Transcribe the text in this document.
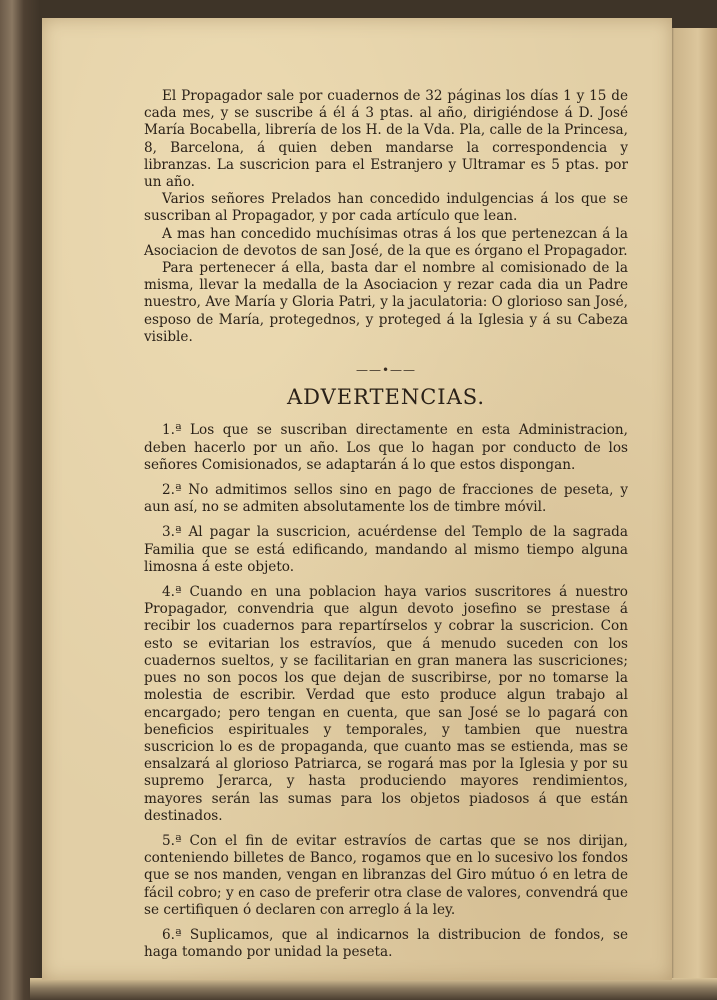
El Propagador sale por cuadernos de 32 páginas los días 1 y 15 de cada mes, y se suscribe á él á 3 ptas. al año, dirigiéndose á D. José María Bocabella, librería de los H. de la Vda. Pla, calle de la Princesa, 8, Barcelona, á quien deben mandarse la correspondencia y libranzas. La suscricion para el Estranjero y Ultramar es 5 ptas. por un año.

Varios señores Prelados han concedido indulgencias á los que se suscriban al Propagador, y por cada artículo que lean.

A mas han concedido muchísimas otras á los que pertenezcan á la Asociacion de devotos de san José, de la que es órgano el Propagador.

Para pertenecer á ella, basta dar el nombre al comisionado de la misma, llevar la medalla de la Asociacion y rezar cada dia un Padre nuestro, Ave María y Gloria Patri, y la jaculatoria: O glorioso san José, esposo de María, protegednos, y proteged á la Iglesia y á su Cabeza visible.

——•——
ADVERTENCIAS.

1.ª Los que se suscriban directamente en esta Administracion, deben hacerlo por un año. Los que lo hagan por conducto de los señores Comisionados, se adaptarán á lo que estos dispongan.

2.ª No admitimos sellos sino en pago de fracciones de peseta, y aun así, no se admiten absolutamente los de timbre móvil.

3.ª Al pagar la suscricion, acuérdense del Templo de la sagrada Familia que se está edificando, mandando al mismo tiempo alguna limosna á este objeto.

4.ª Cuando en una poblacion haya varios suscritores á nuestro Propagador, convendria que algun devoto josefino se prestase á recibir los cuadernos para repartírselos y cobrar la suscricion. Con esto se evitarian los estravíos, que á menudo suceden con los cuadernos sueltos, y se facilitarian en gran manera las suscriciones; pues no son pocos los que dejan de suscribirse, por no tomarse la molestia de escribir. Verdad que esto produce algun trabajo al encargado; pero tengan en cuenta, que san José se lo pagará con beneficios espirituales y temporales, y tambien que nuestra suscricion lo es de propaganda, que cuanto mas se estienda, mas se ensalzará al glorioso Patriarca, se rogará mas por la Iglesia y por su supremo Jerarca, y hasta produciendo mayores rendimientos, mayores serán las sumas para los objetos piadosos á que están destinados.

5.ª Con el fin de evitar estravíos de cartas que se nos dirijan, conteniendo billetes de Banco, rogamos que en lo sucesivo los fondos que se nos manden, vengan en libranzas del Giro mútuo ó en letra de fácil cobro; y en caso de preferir otra clase de valores, convendrá que se certifiquen ó declaren con arreglo á la ley.

6.ª Suplicamos, que al indicarnos la distribucion de fondos, se haga tomando por unidad la peseta.
